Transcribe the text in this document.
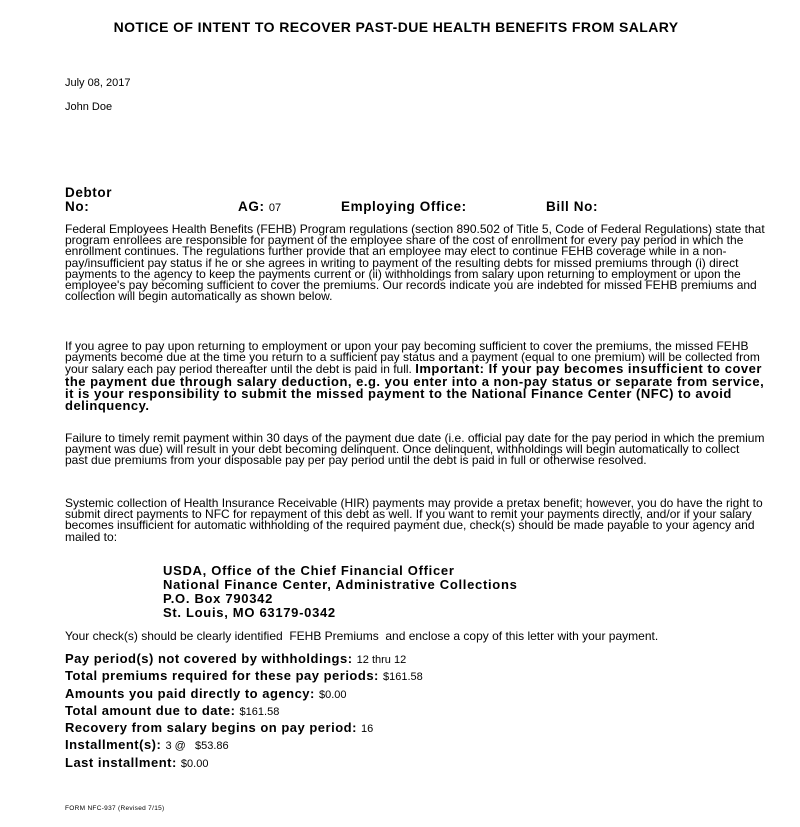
NOTICE OF INTENT TO RECOVER PAST-DUE HEALTH BENEFITS FROM SALARY
July 08, 2017
John Doe
Debtor
No:	AG: 07	Employing Office:	Bill No:
Federal Employees Health Benefits (FEHB) Program regulations (section 890.502 of Title 5, Code of Federal Regulations) state that program enrollees are responsible for payment of the employee share of the cost of enrollment for every pay period in which the enrollment continues. The regulations further provide that an employee may elect to continue FEHB coverage while in a non-pay/insufficient pay status if he or she agrees in writing to payment of the resulting debts for missed premiums through (i) direct payments to the agency to keep the payments current or (ii) withholdings from salary upon returning to employment or upon the employee's pay becoming sufficient to cover the premiums. Our records indicate you are indebted for missed FEHB premiums and collection will begin automatically as shown below.
If you agree to pay upon returning to employment or upon your pay becoming sufficient to cover the premiums, the missed FEHB payments become due at the time you return to a sufficient pay status and a payment (equal to one premium) will be collected from your salary each pay period thereafter until the debt is paid in full. Important: If your pay becomes insufficient to cover the payment due through salary deduction, e.g. you enter into a non-pay status or separate from service, it is your responsibility to submit the missed payment to the National Finance Center (NFC) to avoid delinquency.
Failure to timely remit payment within 30 days of the payment due date (i.e. official pay date for the pay period in which the premium payment was due) will result in your debt becoming delinquent. Once delinquent, withholdings will begin automatically to collect past due premiums from your disposable pay per pay period until the debt is paid in full or otherwise resolved.
Systemic collection of Health Insurance Receivable (HIR) payments may provide a pretax benefit; however, you do have the right to submit direct payments to NFC for repayment of this debt as well. If you want to remit your payments directly, and/or if your salary becomes insufficient for automatic withholding of the required payment due, check(s) should be made payable to your agency and mailed to:
USDA, Office of the Chief Financial Officer
National Finance Center, Administrative Collections
P.O. Box 790342
St. Louis, MO 63179-0342
Your check(s) should be clearly identified  FEHB Premiums  and enclose a copy of this letter with your payment.
Pay period(s) not covered by withholdings: 12 thru 12
Total premiums required for these pay periods: $161.58
Amounts you paid directly to agency: $0.00
Total amount due to date: $161.58
Recovery from salary begins on pay period: 16
Installment(s): 3 @   $53.86
Last installment: $0.00
FORM NFC-937 (Revised 7/15)
